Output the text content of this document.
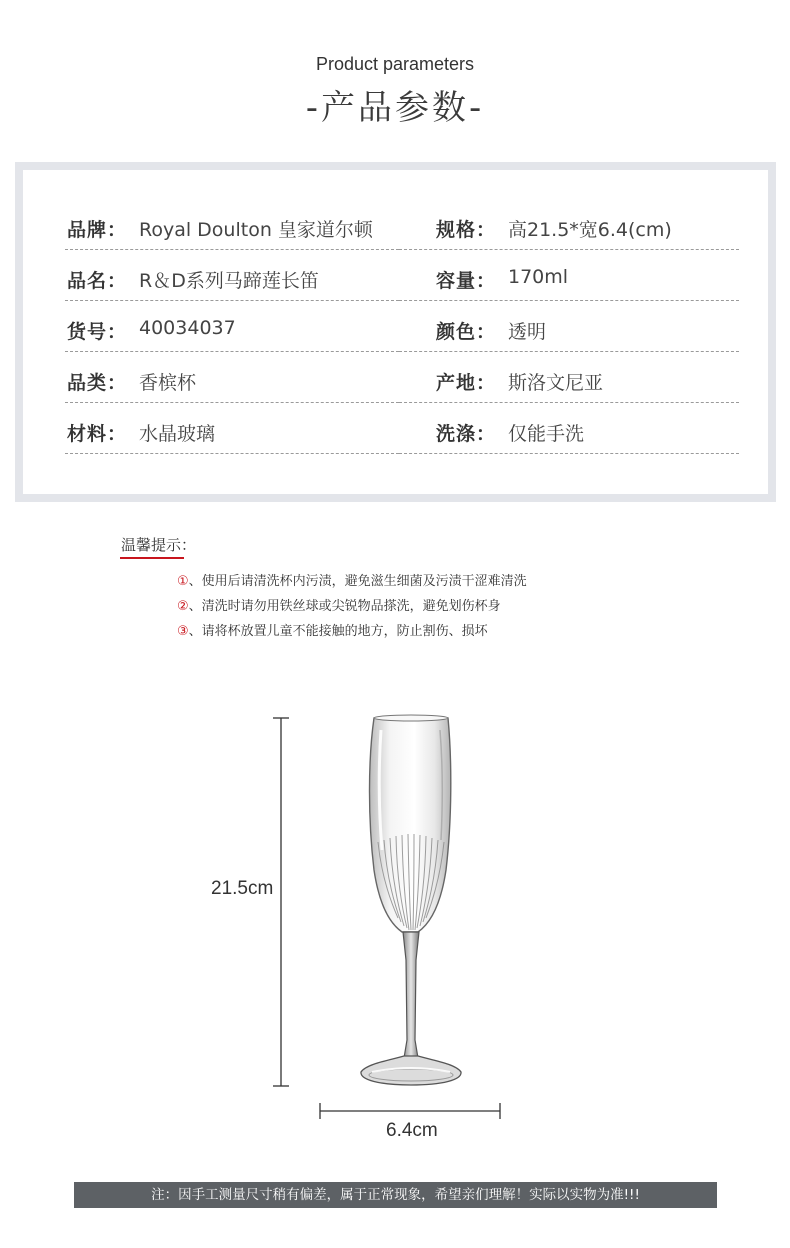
Product parameters
-产品参数-
品牌： Royal Doulton 皇家道尔顿	规格： 高21.5*宽6.4(cm)
品名： R＆D系列马蹄莲长笛	容量： 170ml
货号： 40034037	颜色： 透明
品类： 香槟杯	产地： 斯洛文尼亚
材料： 水晶玻璃	洗涤： 仅能手洗
温馨提示：
①、使用后请清洗杯内污渍，避免滋生细菌及污渍干涩难清洗
②、清洗时请勿用铁丝球或尖锐物品搽洗，避免划伤杯身
③、请将杯放置儿童不能接触的地方，防止割伤、损坏
21.5cm
6.4cm
注：因手工测量尺寸稍有偏差，属于正常现象，希望亲们理解！实际以实物为准!!!
